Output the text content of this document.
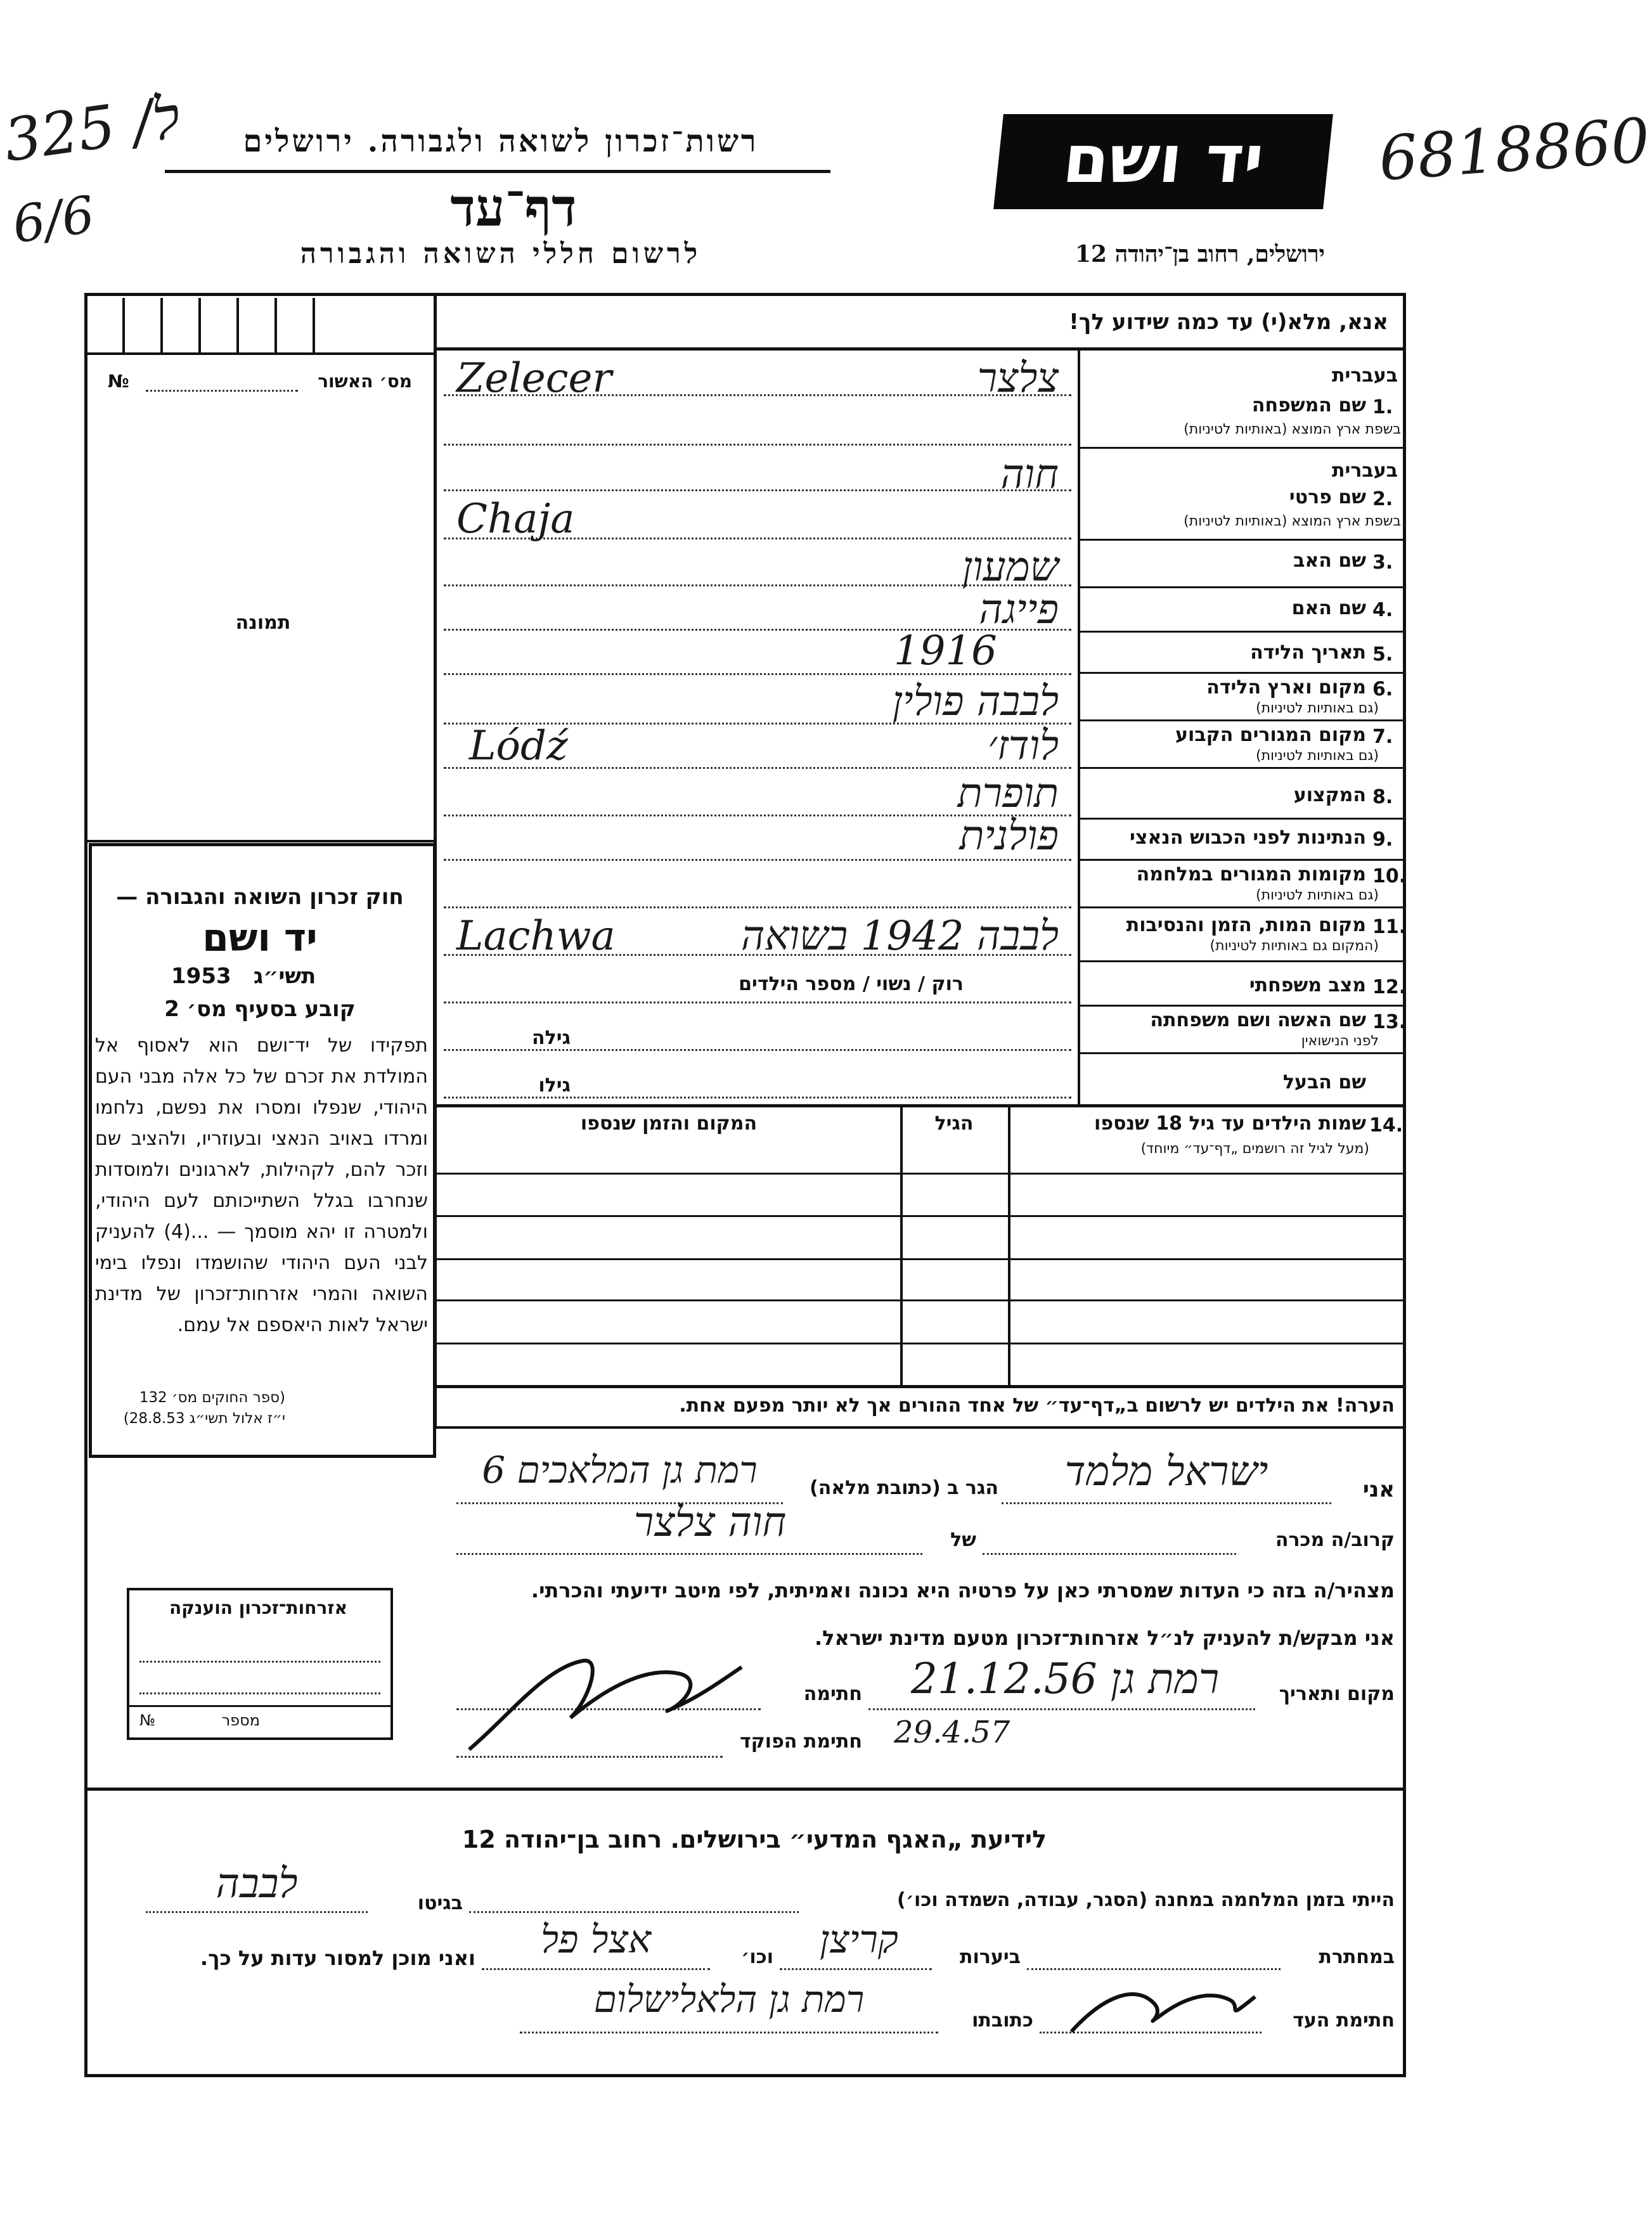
ל/ 325
6/6
6818860
רשות־זכרון לשואה ולגבורה. ירושלים
דף־עד
לרשום חללי השואה והגבורה
יד ושם
ירושלים, רחוב בן־יהודה 12
מס׳ האשור
№
תמונה
חוק זכרון השואה והגבורה —
יד ושם
1953 תשי״ג
קובע בסעיף מס׳ 2
תפקידו של יד־ושם הוא לאסוף אל המולדת את זכרם של כל אלה מבני העם היהודי, שנפלו ומסרו את נפשם, נלחמו ומרדו באויב הנאצי ובעוזריו, ולהציב שם וזכר להם, לקהילות, לארגונים ולמוסדות שנחרבו בגלל השתייכותם לעם היהודי, ולמטרה זו יהא מוסמך — ...(4) להעניק לבני העם היהודי שהושמדו ונפלו בימי השואה והמרי אזרחות־זכרון של מדינת ישראל לאות היאספם אל עמם.
(ספר החוקים מס׳ 132
י״ז אלול תשי״ג 28.8.53)
אזרחות־זכרון הוענקה
מספר
№
אנא, מלא(י) עד כמה שידוע לך!
בעברית
1.
שם המשפחה
בשפת ארץ המוצא (באותיות לטיניות)
צלצר
Zelecer
בעברית
2.
שם פרטי
בשפת ארץ המוצא (באותיות לטיניות)
חוה
Chaja
3.
שם האב
שמעון
4.
שם האם
פייגה
5.
תאריך הלידה
1916
6.
מקום וארץ הלידה
(גם באותיות לטיניות)
לבבה פולין
7.
מקום המגורים הקבוע
(גם באותיות לטיניות)
לודז׳
Lódź
8.
המקצוע
תופרת
9.
הנתינות לפני הכבוש הנאצי
פולנית
10.
מקומות המגורים במלחמה
(גם באותיות לטיניות)
11.
מקום המות, הזמן והנסיבות
(המקום גם באותיות לטיניות)
לבבה 1942 בשואה
Lachwa
12.
מצב משפחתי
רוק / נשוי / מספר הילדים
13.
שם האשה ושם משפחתה
לפני הנישואין
גילה
שם הבעל
גילו
14.
שמות הילדים עד גיל 18 שנספו
(מעל לגיל זה רושמים „דף־עד״ מיוחד)
הגיל
המקום והזמן שנספו
הערה! את הילדים יש לרשום ב„דף־עד״ של אחד ההורים אך לא יותר מפעם אחת.
אני
ישראל מלמד
הגר ב (כתובת מלאה)
רמת גן המלאכים 6
קרוב/ה מכרה
של
חוה צלצר
מצהיר/ה בזה כי העדות שמסרתי כאן על פרטיה היא נכונה ואמיתית, לפי מיטב ידיעתי והכרתי.
אני מבקש/ת להעניק לנ״ל אזרחות־זכרון מטעם מדינת ישראל.
מקום ותאריך
רמת גן 21.12.56
חתימה
חתימת הפוקד 29.4.57
לידיעת „האגף המדעי״ בירושלים. רחוב בן־יהודה 12
הייתי בזמן המלחמה במחנה (הסגר, עבודה, השמדה וכו׳)
בגיטו
לבבה
במחתרת
ביערות
קריצן
וכו׳
אצל פל
ואני מוכן למסור עדות על כך.
חתימת העד
כתובתו
רמת גן הלאלישלום
